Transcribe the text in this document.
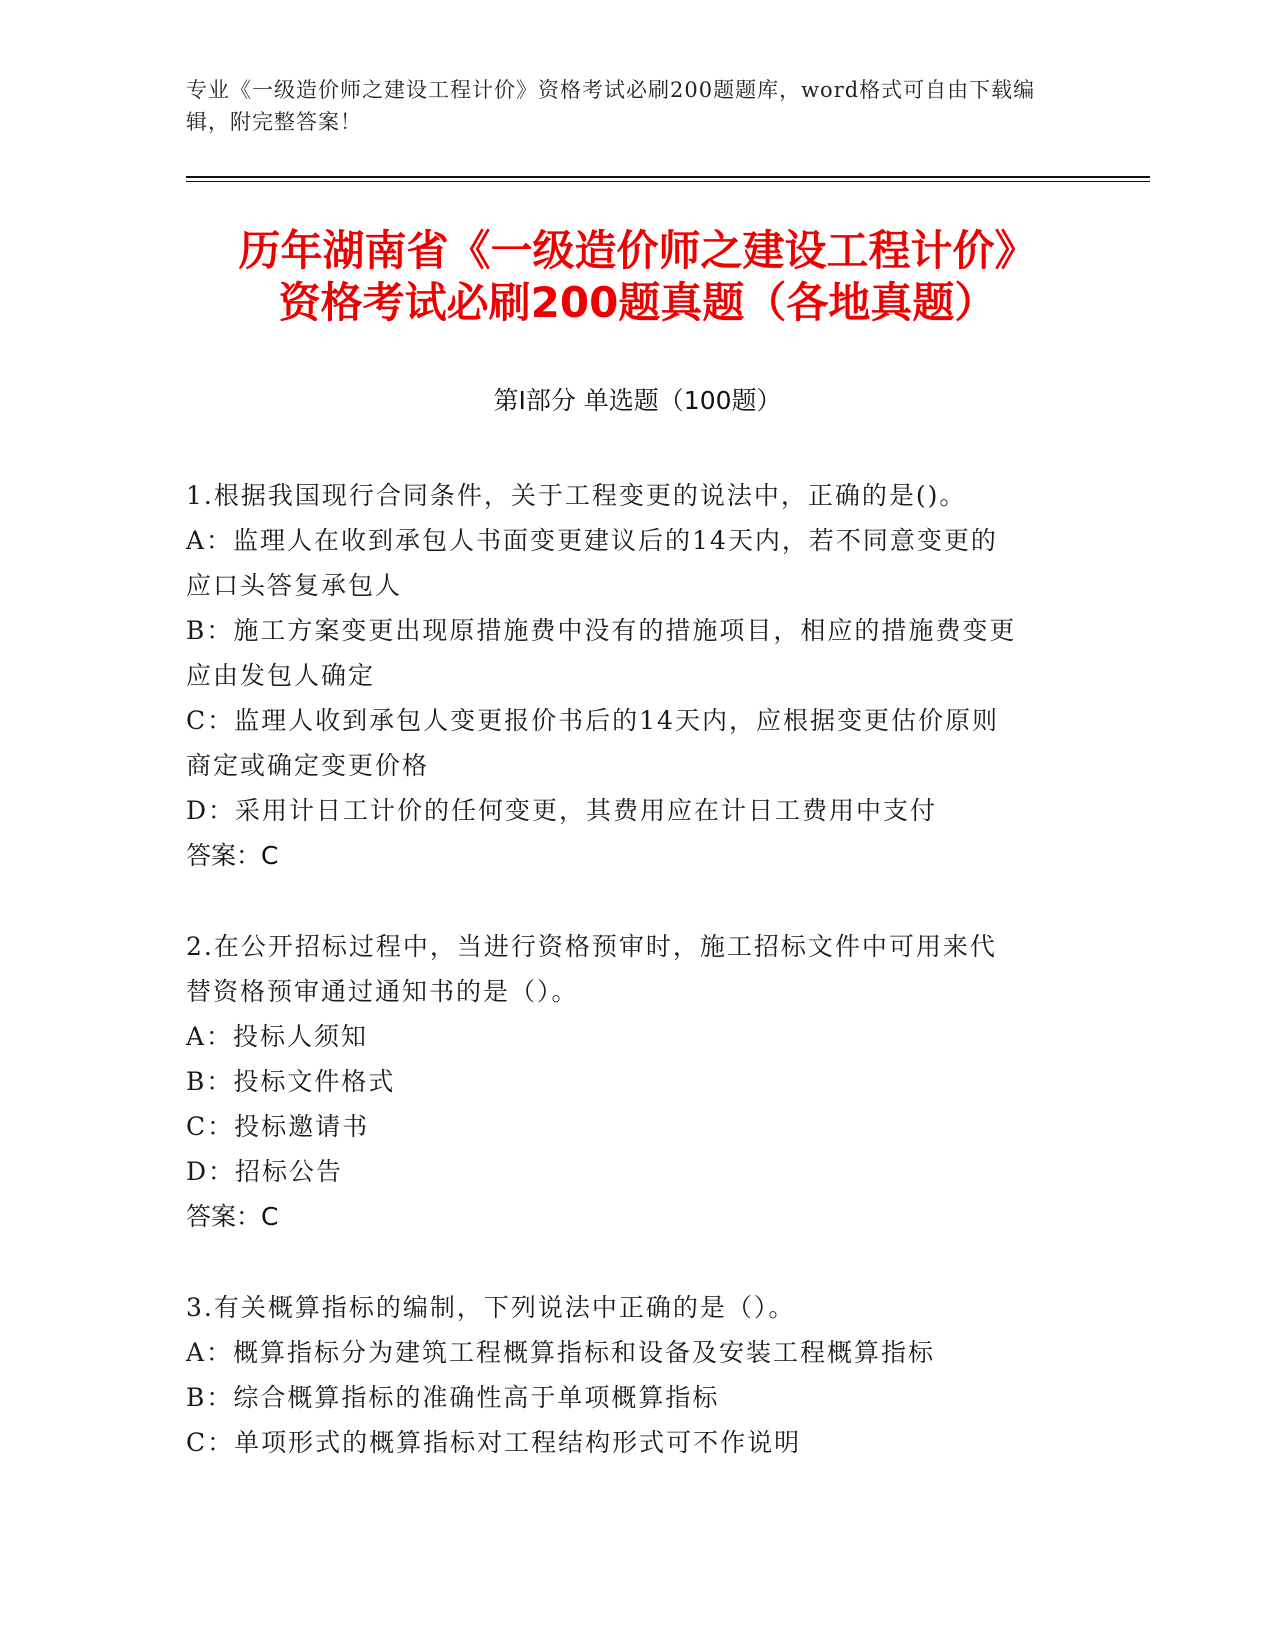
专业《一级造价师之建设工程计价》资格考试必刷200题题库，word格式可自由下载编辑，附完整答案！
历年湖南省《一级造价师之建设工程计价》
资格考试必刷200题真题（各地真题）
第Ⅰ部分 单选题（100题）
1.根据我国现行合同条件，关于工程变更的说法中，正确的是()。
A：监理人在收到承包人书面变更建议后的14天内，若不同意变更的
应口头答复承包人
B：施工方案变更出现原措施费中没有的措施项目，相应的措施费变更
应由发包人确定
C：监理人收到承包人变更报价书后的14天内，应根据变更估价原则
商定或确定变更价格
D：采用计日工计价的任何变更，其费用应在计日工费用中支付
答案：C
2.在公开招标过程中，当进行资格预审时，施工招标文件中可用来代
替资格预审通过通知书的是（）。
A：投标人须知
B：投标文件格式
C：投标邀请书
D：招标公告
答案：C
3.有关概算指标的编制，下列说法中正确的是（）。
A：概算指标分为建筑工程概算指标和设备及安装工程概算指标
B：综合概算指标的准确性高于单项概算指标
C：单项形式的概算指标对工程结构形式可不作说明
